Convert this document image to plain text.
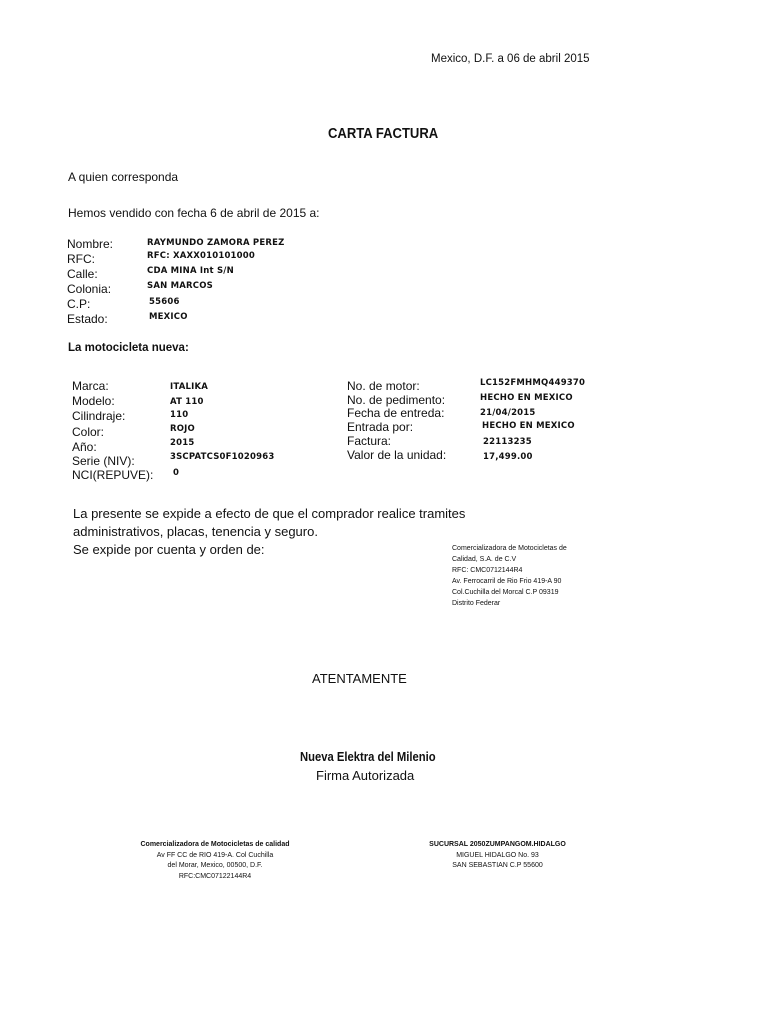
Mexico, D.F. a 06 de abril 2015
CARTA FACTURA
A quien corresponda
Hemos vendido con fecha 6 de abril de 2015 a:
Nombre:
RFC:
Calle:
Colonia:
C.P:
Estado:
RAYMUNDO ZAMORA PEREZ
RFC: XAXX010101000
CDA MINA Int S/N
SAN MARCOS
55606
MEXICO
La motocicleta nueva:
Marca:
Modelo:
Cilindraje:
Color:
Año:
Serie (NIV):
NCI(REPUVE):
ITALIKA
AT 110
110
ROJO
2015
3SCPATCS0F1020963
0
No. de motor:
No. de pedimento:
Fecha de entreda:
Entrada por:
Factura:
Valor de la unidad:
LC152FMHMQ449370
HECHO EN MEXICO
21/04/2015
HECHO EN MEXICO
22113235
17,499.00
La presente se expide a efecto de que el comprador realice tramites
administrativos, placas, tenencia y seguro.
Se expide por cuenta y orden de:	Comercializadora de Motocicletas de
Calidad, S.A. de C.V
RFC: CMC0712144R4
Av. Ferrocarril de Rio Frio 419-A 90
Col.Cuchilla del Morcal C.P 09319
Distrito Federar
ATENTAMENTE
Nueva Elektra del Milenio
Firma Autorizada
Comercializadora de Motocicletas de calidad
Av FF CC de RIO 419-A. Col Cuchilla
del Morar, Mexico, 00500, D.F.
RFC:CMC07122144R4
SUCURSAL 2050ZUMPANGOM.HIDALGO
MIGUEL HIDALGO No. 93
SAN SEBASTIAN C.P 55600
